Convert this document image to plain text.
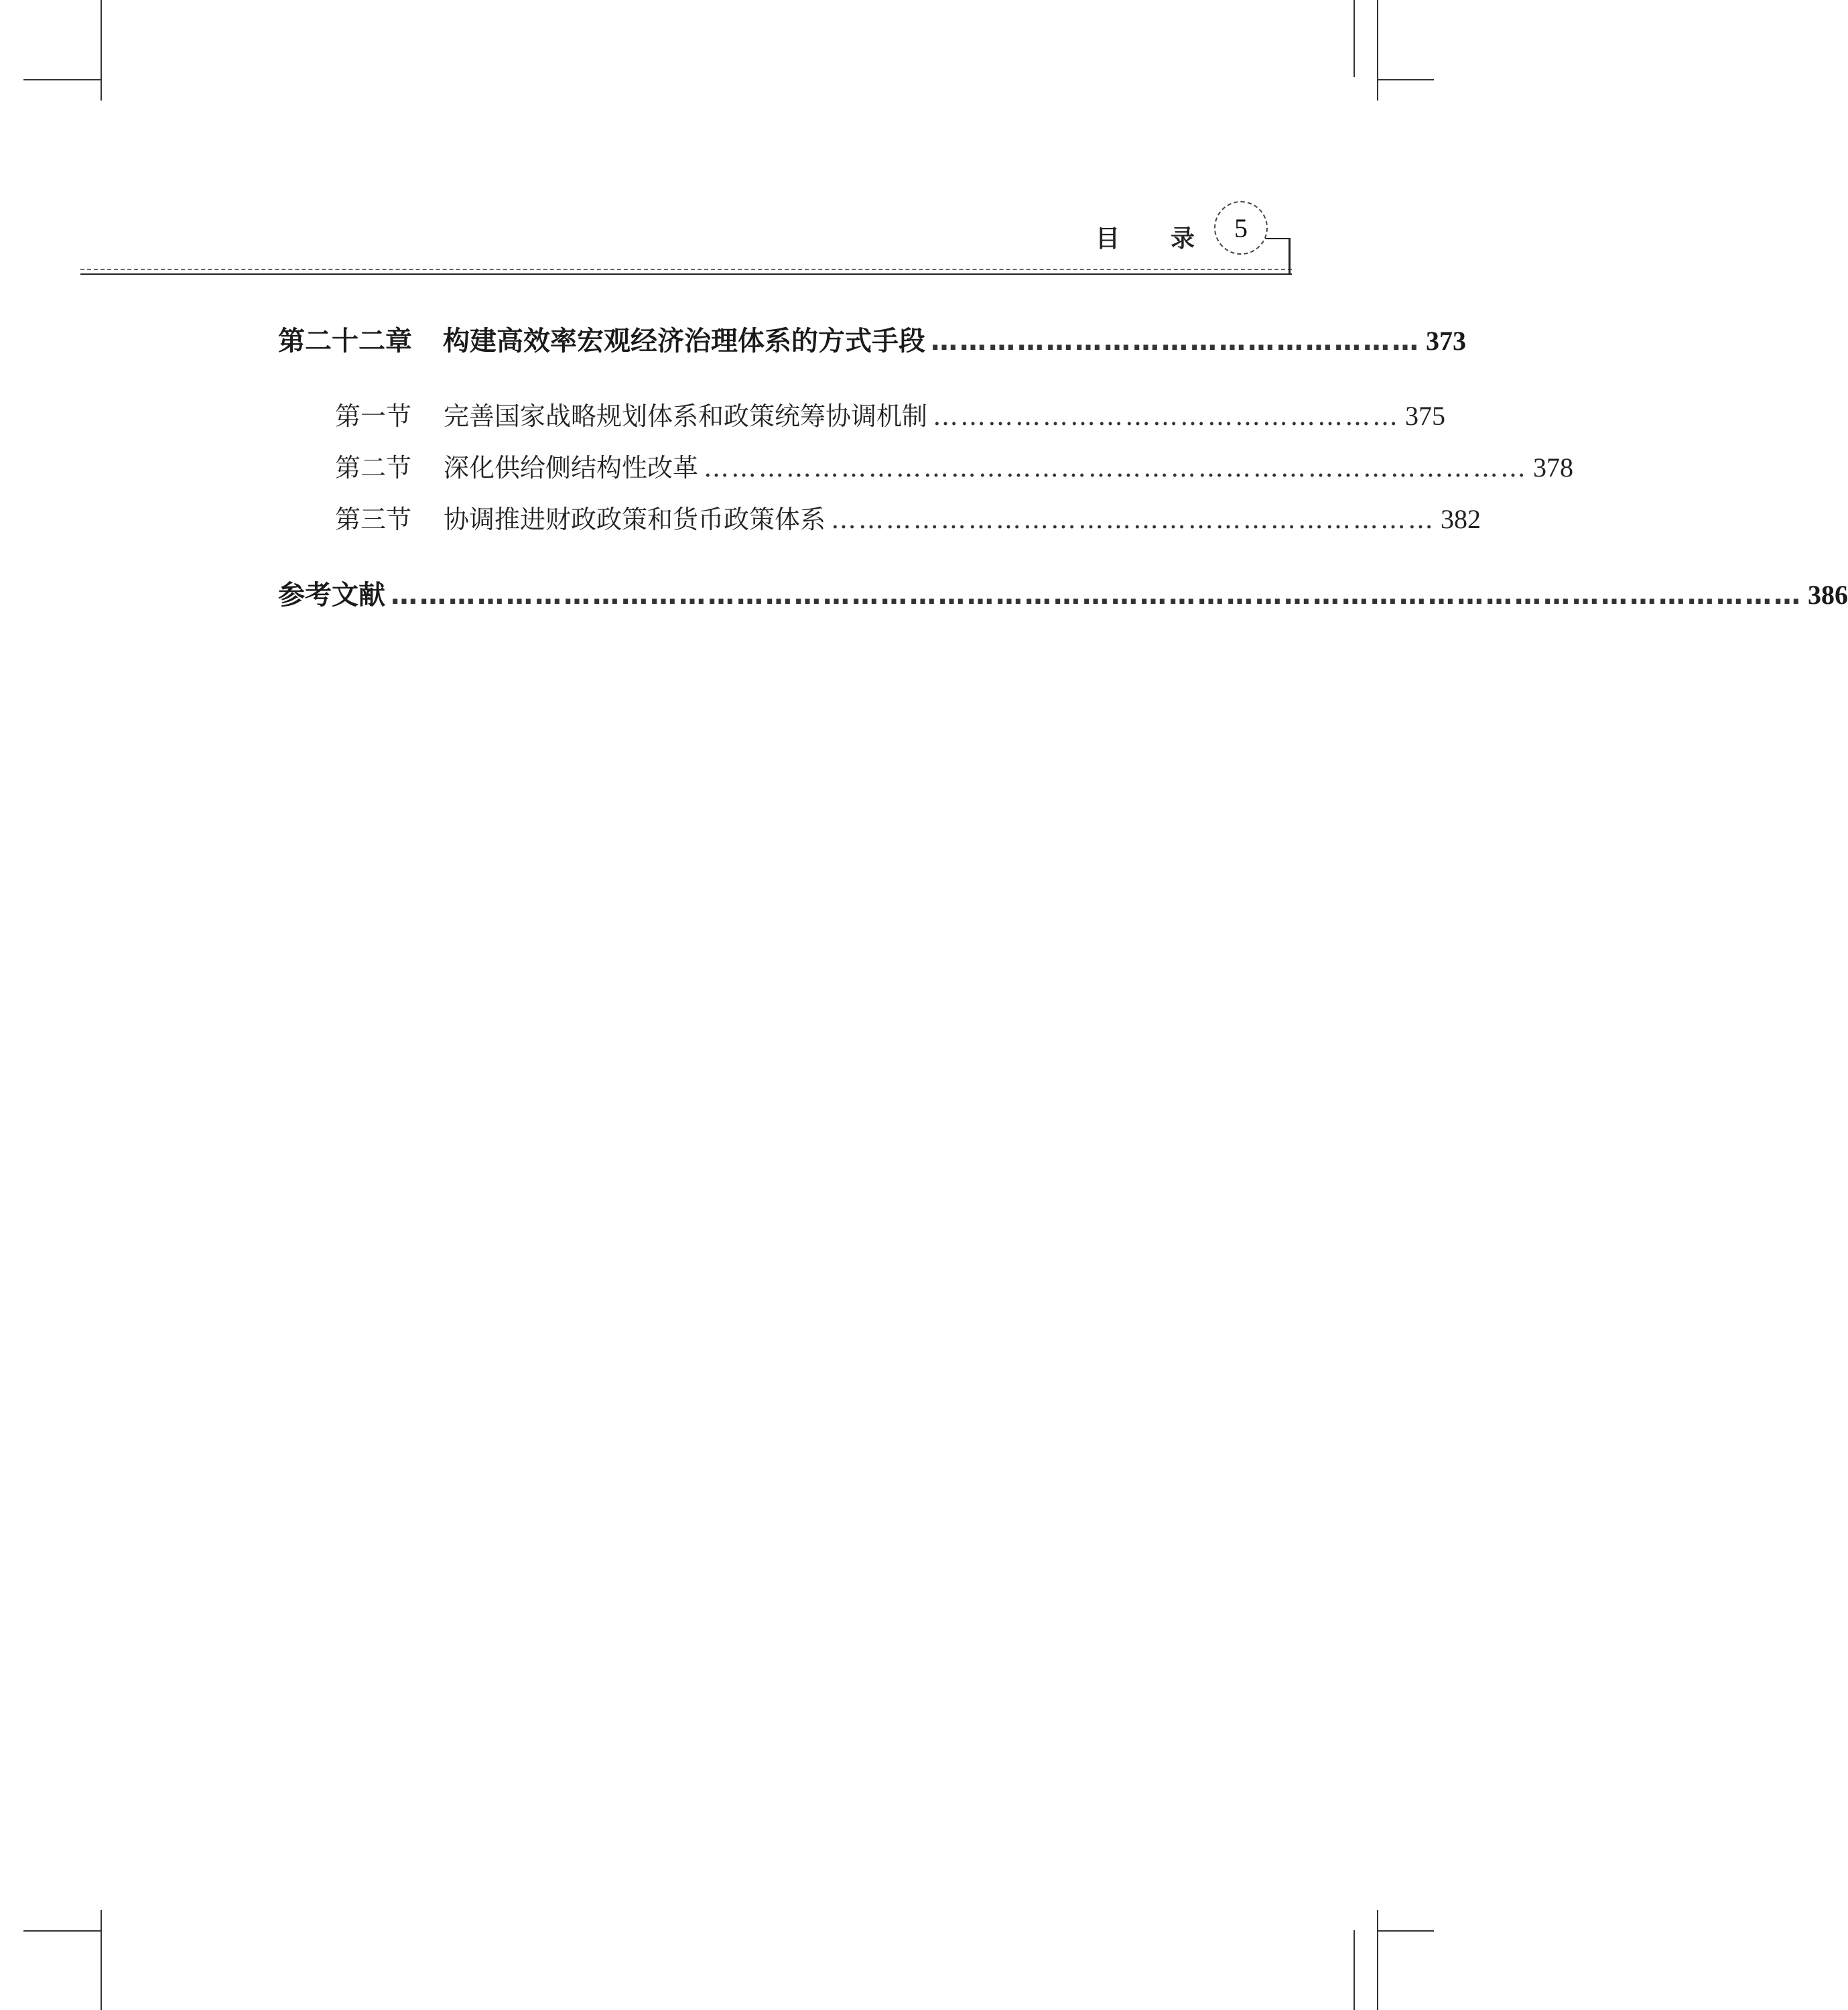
目 录 5
第二十二章 构建高效率宏观经济治理体系的方式手段 …………………………………………… 373
第一节 完善国家战略规划体系和政策统筹协调机制 …………………………………………… 375
第二节 深化供给侧结构性改革 ……………………………………………………………………………… 378
第三节 协调推进财政政策和货币政策体系 ………………………………………………………… 382
参考文献 ………………………………………………………………………………………………………………………………… 386
